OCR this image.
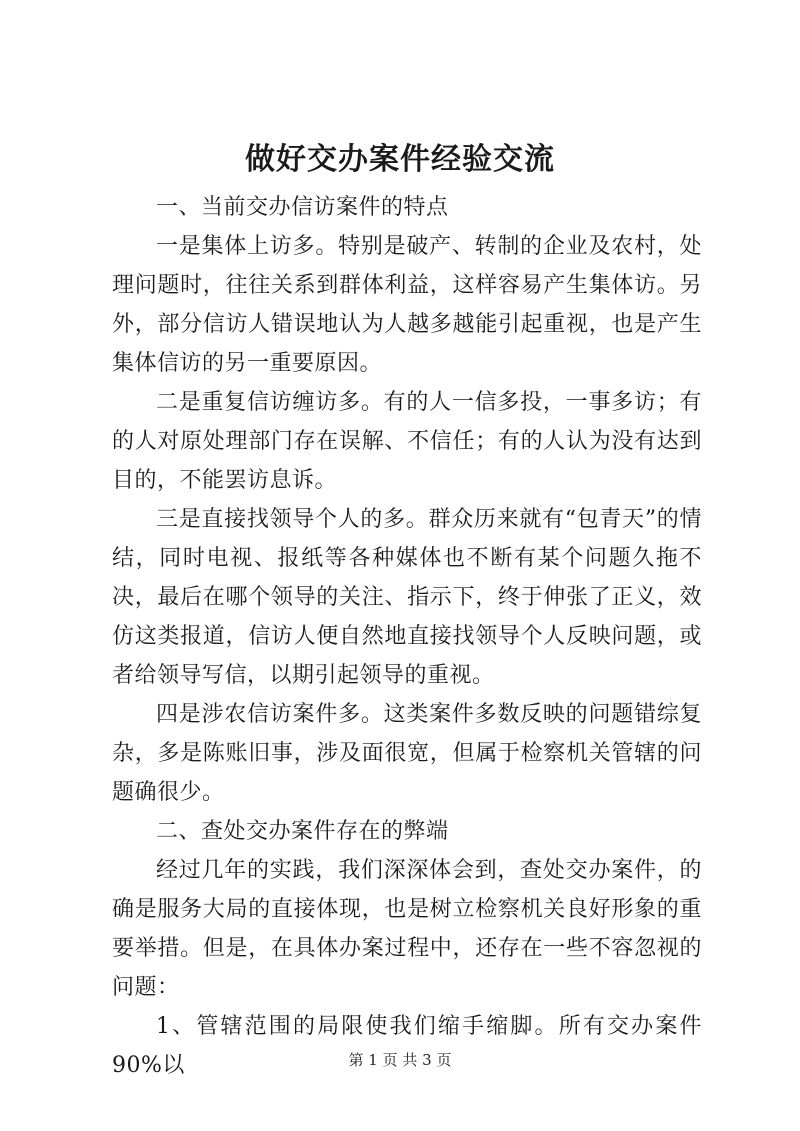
做好交办案件经验交流

一、当前交办信访案件的特点

一是集体上访多。特别是破产、转制的企业及农村，处理问题时，往往关系到群体利益，这样容易产生集体访。另外，部分信访人错误地认为人越多越能引起重视，也是产生集体信访的另一重要原因。

二是重复信访缠访多。有的人一信多投，一事多访；有的人对原处理部门存在误解、不信任；有的人认为没有达到目的，不能罢访息诉。

三是直接找领导个人的多。群众历来就有“包青天”的情结，同时电视、报纸等各种媒体也不断有某个问题久拖不决，最后在哪个领导的关注、指示下，终于伸张了正义，效仿这类报道，信访人便自然地直接找领导个人反映问题，或者给领导写信，以期引起领导的重视。

四是涉农信访案件多。这类案件多数反映的问题错综复杂，多是陈账旧事，涉及面很宽，但属于检察机关管辖的问题确很少。

二、查处交办案件存在的弊端

经过几年的实践，我们深深体会到，查处交办案件，的确是服务大局的直接体现，也是树立检察机关良好形象的重要举措。但是，在具体办案过程中，还存在一些不容忽视的问题：

1、管辖范围的局限使我们缩手缩脚。所有交办案件 90%以	第 1 页 共 3 页
